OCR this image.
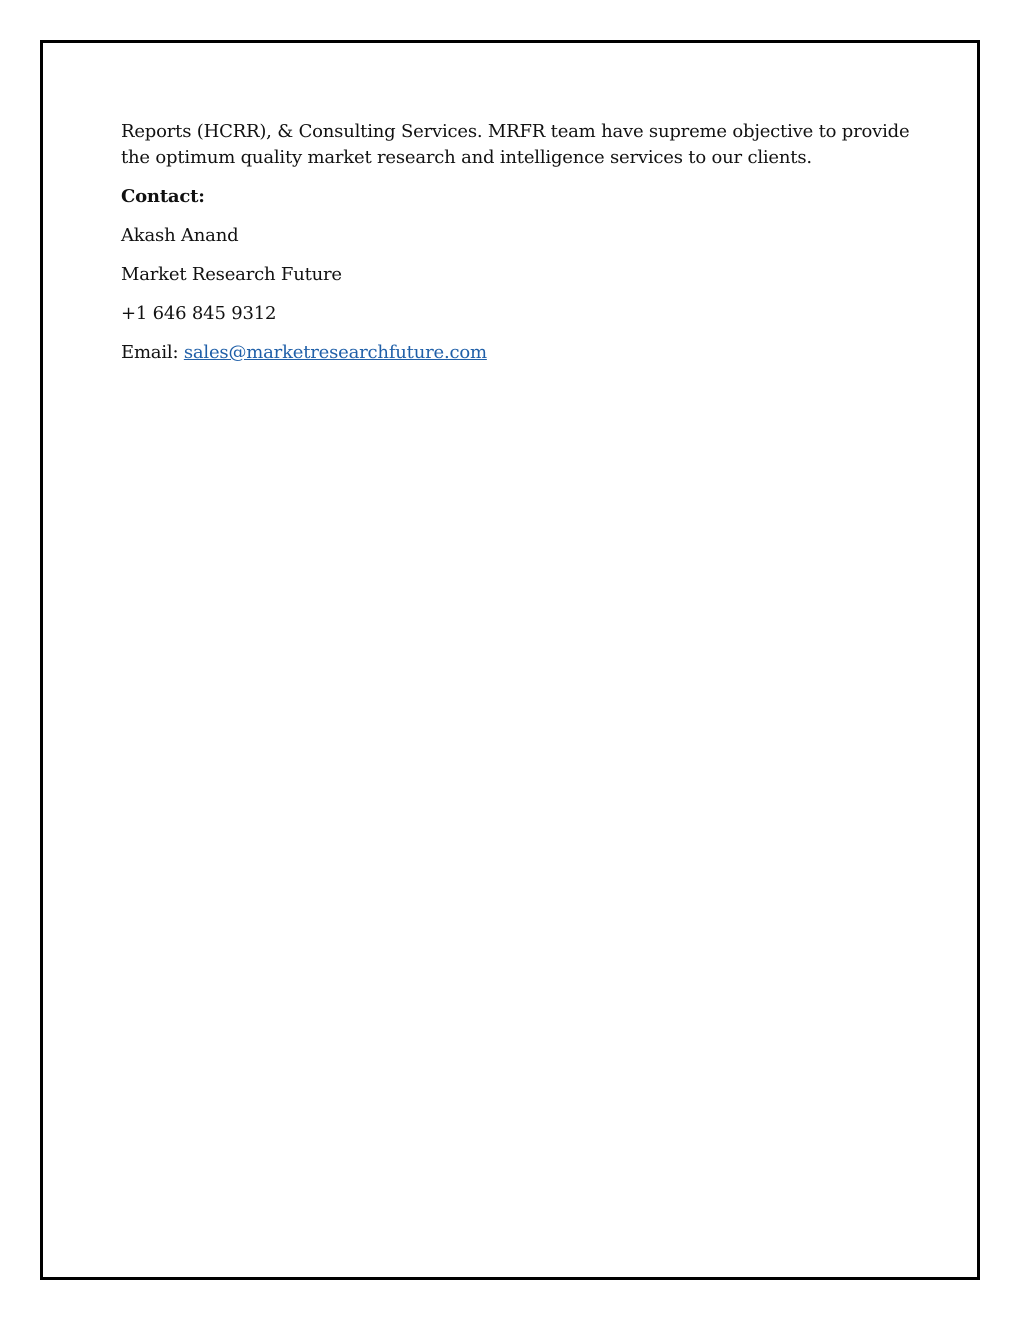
Reports (HCRR), & Consulting Services. MRFR team have supreme objective to provide the optimum quality market research and intelligence services to our clients.

Contact:

Akash Anand

Market Research Future

+1 646 845 9312

Email: sales@marketresearchfuture.com
